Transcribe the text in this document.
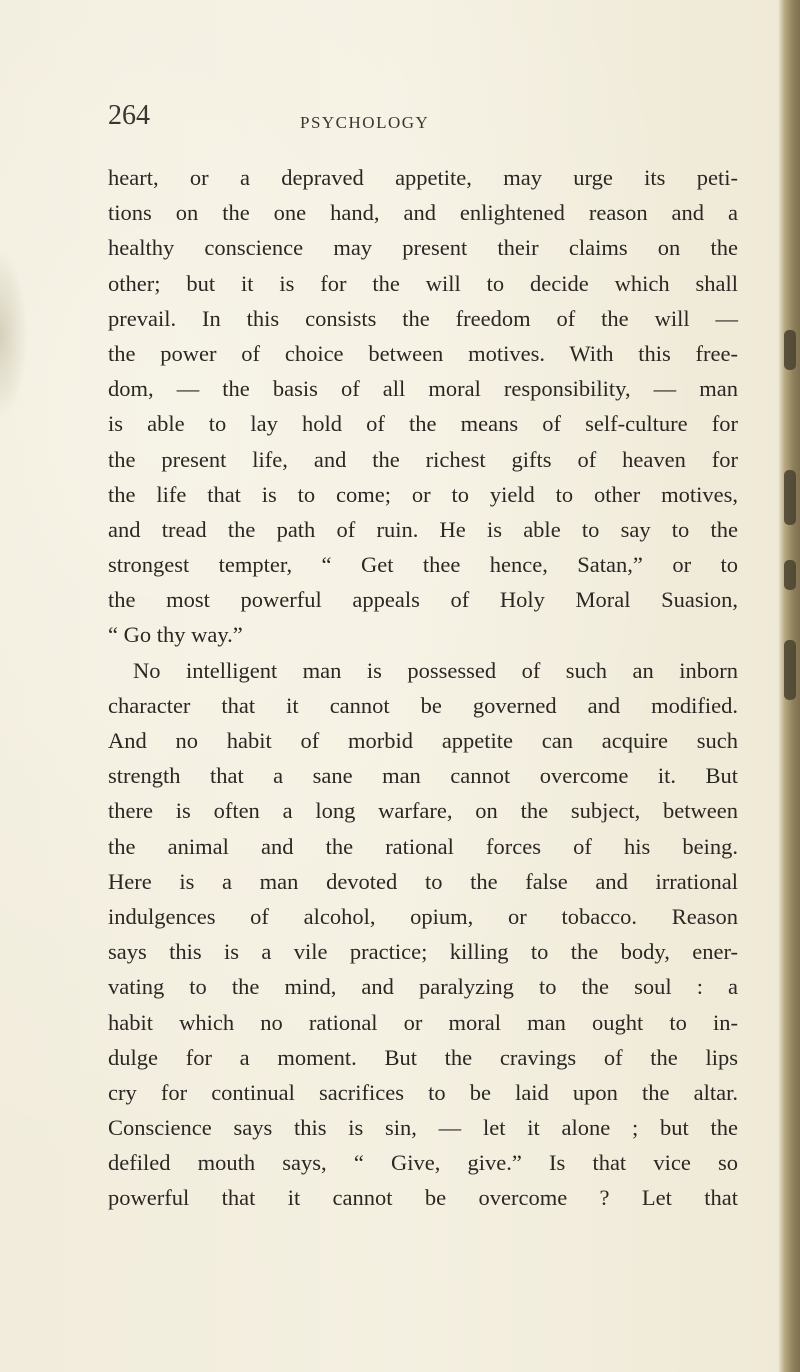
264	PSYCHOLOGY
heart, or a depraved appetite, may urge its peti-
tions on the one hand, and enlightened reason and a
healthy conscience may present their claims on the
other; but it is for the will to decide which shall
prevail. In this consists the freedom of the will —
the power of choice between motives. With this free-
dom, — the basis of all moral responsibility, — man
is able to lay hold of the means of self-culture for
the present life, and the richest gifts of heaven for
the life that is to come; or to yield to other motives,
and tread the path of ruin. He is able to say to the
strongest tempter, “ Get thee hence, Satan,” or to
the most powerful appeals of Holy Moral Suasion,
“ Go thy way.”
No intelligent man is possessed of such an inborn
character that it cannot be governed and modified.
And no habit of morbid appetite can acquire such
strength that a sane man cannot overcome it. But
there is often a long warfare, on the subject, between
the animal and the rational forces of his being.
Here is a man devoted to the false and irrational
indulgences of alcohol, opium, or tobacco. Reason
says this is a vile practice; killing to the body, ener-
vating to the mind, and paralyzing to the soul : a
habit which no rational or moral man ought to in-
dulge for a moment. But the cravings of the lips
cry for continual sacrifices to be laid upon the altar.
Conscience says this is sin, — let it alone ; but the
defiled mouth says, “ Give, give.” Is that vice so
powerful that it cannot be overcome ? Let that
